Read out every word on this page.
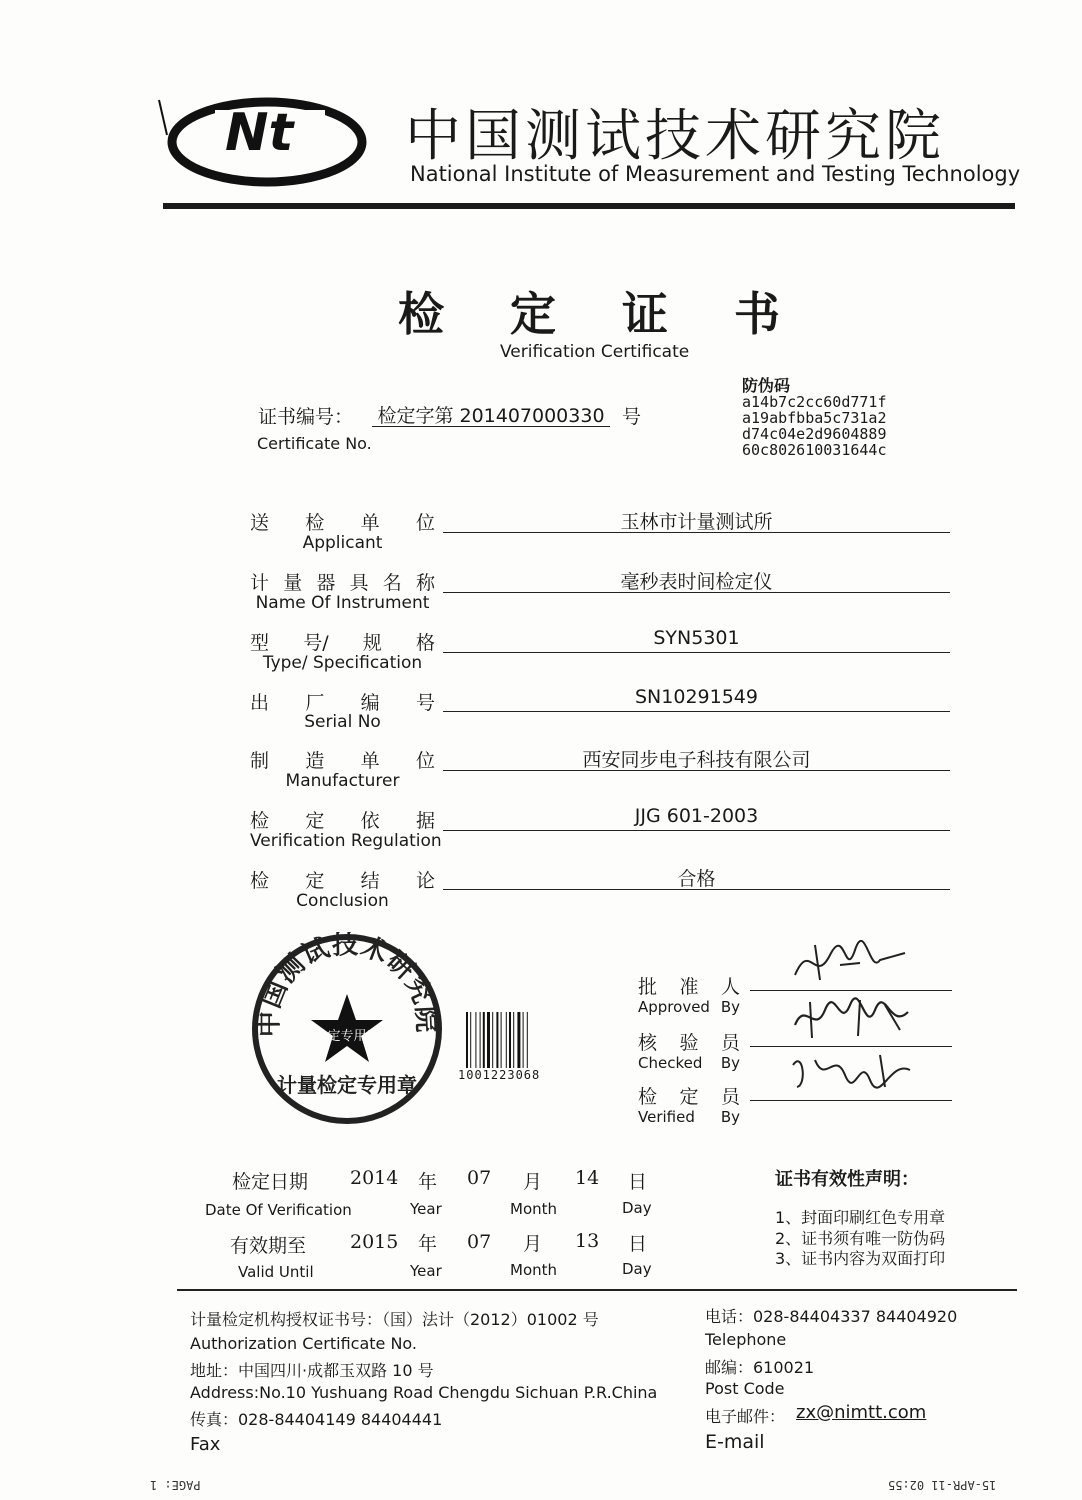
Nt 中国测试技术研究院
National Institute of Measurement and Testing Technology
检 定 证 书
Verification Certificate
证书编号： 检定字第 201407000330 号
Certificate No.
防伪码
a14b7c2cc60d771f
a19abfbba5c731a2
d74c04e2d9604889
60c802610031644c
送 检 单 位
Applicant
玉林市计量测试所
计 量 器 具 名 称
Name Of Instrument
毫秒表时间检定仪
型 号/ 规 格
Type/ Specification
SYN5301
出 厂 编 号
Serial No
SN10291549
制 造 单 位
Manufacturer
西安同步电子科技有限公司
检 定 依 据
Verification Regulation
JJG 601-2003
检 定 结 论
Conclusion
合格
中国测试技术研究院
检定专用章
计量检定专用章	1001223068
批 准 人
Approved By
核 验 员
Checked By
检 定 员
Verified By
检定日期 2014 年 07 月 14 日
Date Of Verification	Year	Month	Day
有效期至 2015 年 07 月 13 日
Valid Until	Year	Month	Day
证书有效性声明：
1、封面印刷红色专用章
2、证书须有唯一防伪码
3、证书内容为双面打印
计量检定机构授权证书号：（国）法计（2012）01002 号
Authorization Certificate No.
地址：中国四川·成都玉双路 10 号
Address:No.10 Yushuang Road Chengdu Sichuan P.R.China
传真：028-84404149 84404441
Fax
电话：028-84404337 84404920
Telephone
邮编：610021
Post Code
电子邮件： zx@nimtt.com
E-mail
PAGE: 1	15-APR-11 02:55
